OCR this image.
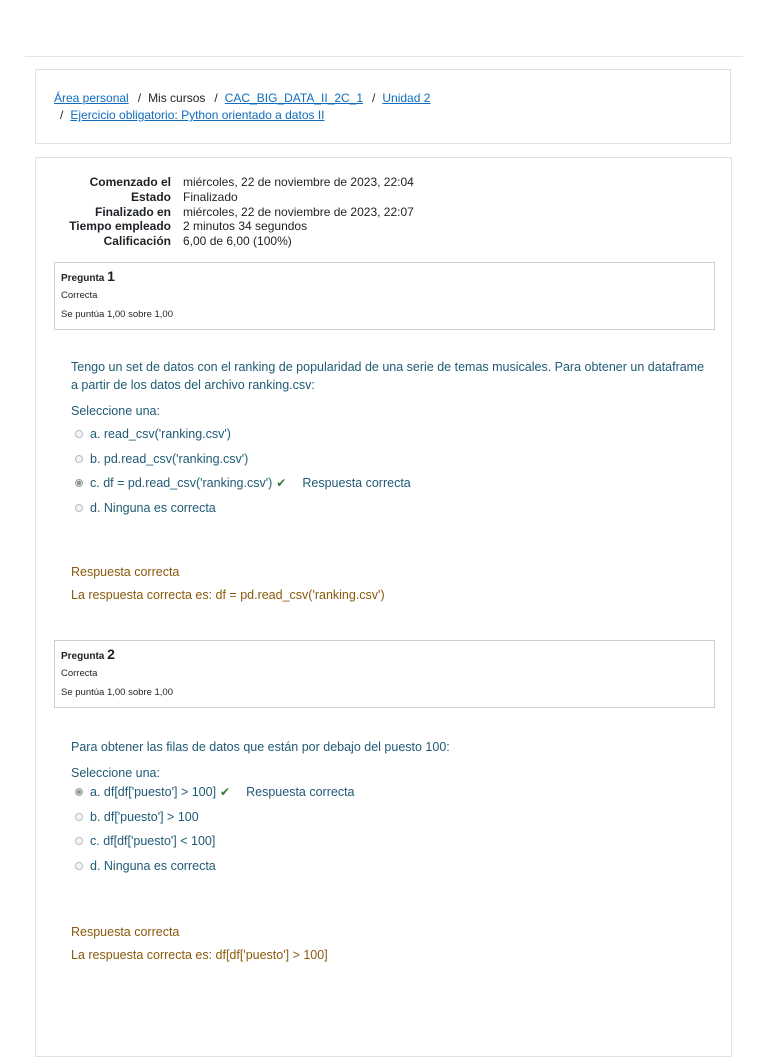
Área personal / Mis cursos / CAC_BIG_DATA_II_2C_1 / Unidad 2
/ Ejercicio obligatorio: Python orientado a datos II
Comenzado el miércoles, 22 de noviembre de 2023, 22:04
Estado Finalizado
Finalizado en miércoles, 22 de noviembre de 2023, 22:07
Tiempo empleado 2 minutos 34 segundos
Calificación 6,00 de 6,00 (100%)
Pregunta 1
Correcta
Se puntúa 1,00 sobre 1,00
Tengo un set de datos con el ranking de popularidad de una serie de temas musicales. Para obtener un dataframe a partir de los datos del archivo ranking.csv:
Seleccione una:
a. read_csv('ranking.csv')
b. pd.read_csv('ranking.csv')
c. df = pd.read_csv('ranking.csv') ✔ Respuesta correcta
d. Ninguna es correcta
Respuesta correcta
La respuesta correcta es: df = pd.read_csv('ranking.csv')
Pregunta 2
Correcta
Se puntúa 1,00 sobre 1,00
Para obtener las filas de datos que están por debajo del puesto 100:
Seleccione una:
a. df[df['puesto'] > 100] ✔ Respuesta correcta
b. df['puesto'] > 100
c. df[df['puesto'] < 100]
d. Ninguna es correcta
Respuesta correcta
La respuesta correcta es: df[df['puesto'] > 100]
